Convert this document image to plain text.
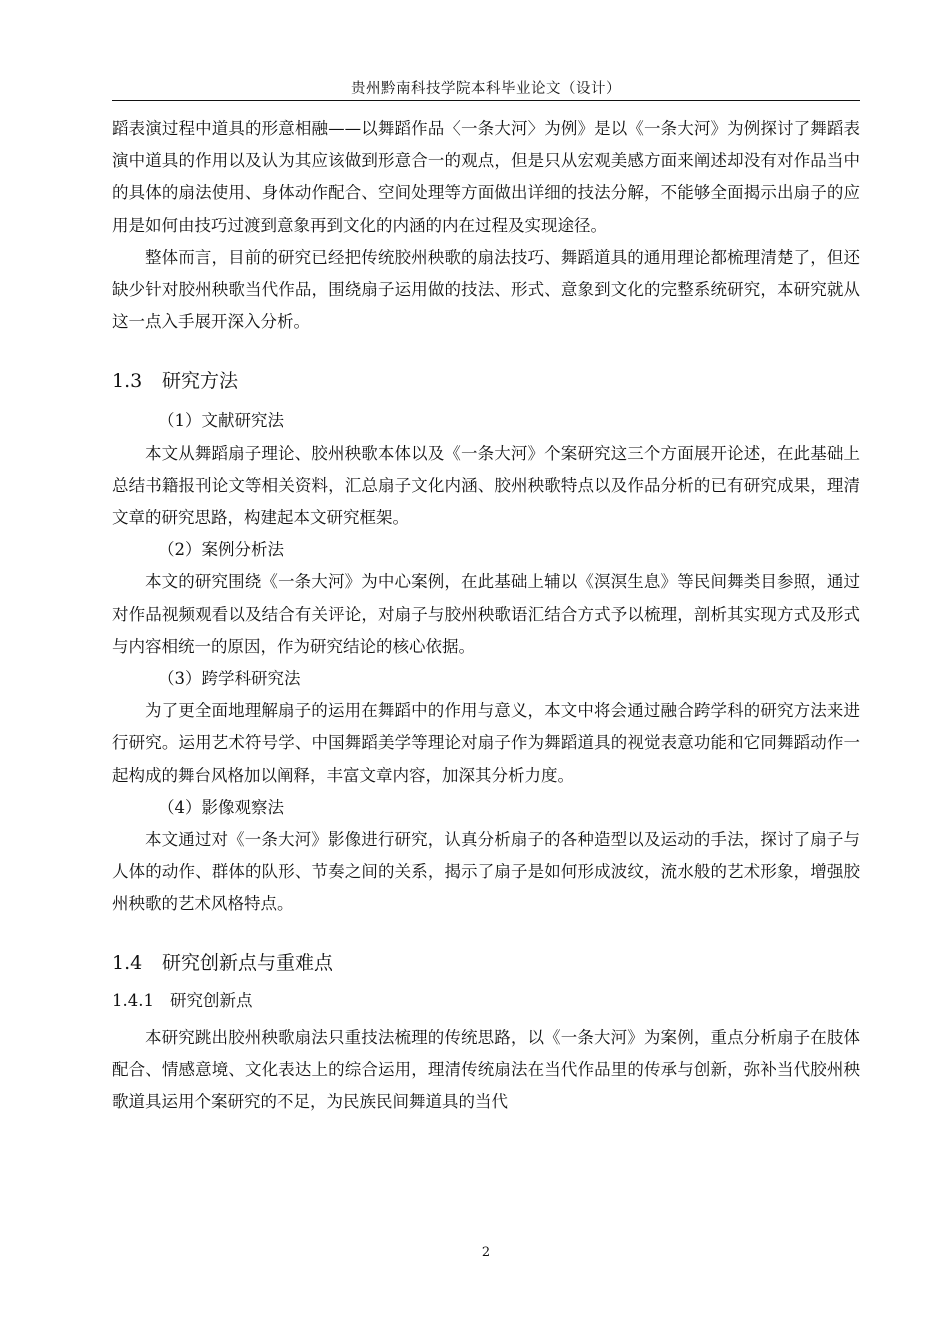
贵州黔南科技学院本科毕业论文（设计）

蹈表演过程中道具的形意相融——以舞蹈作品〈一条大河〉为例》是以《一条大河》为例探讨了舞蹈表演中道具的作用以及认为其应该做到形意合一的观点，但是只从宏观美感方面来阐述却没有对作品当中的具体的扇法使用、身体动作配合、空间处理等方面做出详细的技法分解，不能够全面揭示出扇子的应用是如何由技巧过渡到意象再到文化的内涵的内在过程及实现途径。

整体而言，目前的研究已经把传统胶州秧歌的扇法技巧、舞蹈道具的通用理论都梳理清楚了，但还缺少针对胶州秧歌当代作品，围绕扇子运用做的技法、形式、意象到文化的完整系统研究，本研究就从这一点入手展开深入分析。

1.3 研究方法

（1）文献研究法

本文从舞蹈扇子理论、胶州秧歌本体以及《一条大河》个案研究这三个方面展开论述，在此基础上总结书籍报刊论文等相关资料，汇总扇子文化内涵、胶州秧歌特点以及作品分析的已有研究成果，理清文章的研究思路，构建起本文研究框架。

（2）案例分析法

本文的研究围绕《一条大河》为中心案例，在此基础上辅以《溟溟生息》等民间舞类目参照，通过对作品视频观看以及结合有关评论，对扇子与胶州秧歌语汇结合方式予以梳理，剖析其实现方式及形式与内容相统一的原因，作为研究结论的核心依据。

（3）跨学科研究法

为了更全面地理解扇子的运用在舞蹈中的作用与意义，本文中将会通过融合跨学科的研究方法来进行研究。运用艺术符号学、中国舞蹈美学等理论对扇子作为舞蹈道具的视觉表意功能和它同舞蹈动作一起构成的舞台风格加以阐释，丰富文章内容，加深其分析力度。

（4）影像观察法

本文通过对《一条大河》影像进行研究，认真分析扇子的各种造型以及运动的手法，探讨了扇子与人体的动作、群体的队形、节奏之间的关系，揭示了扇子是如何形成波纹，流水般的艺术形象，增强胶州秧歌的艺术风格特点。

1.4 研究创新点与重难点
1.4.1 研究创新点

本研究跳出胶州秧歌扇法只重技法梳理的传统思路，以《一条大河》为案例，重点分析扇子在肢体配合、情感意境、文化表达上的综合运用，理清传统扇法在当代作品里的传承与创新，弥补当代胶州秧歌道具运用个案研究的不足，为民族民间舞道具的当代

2
